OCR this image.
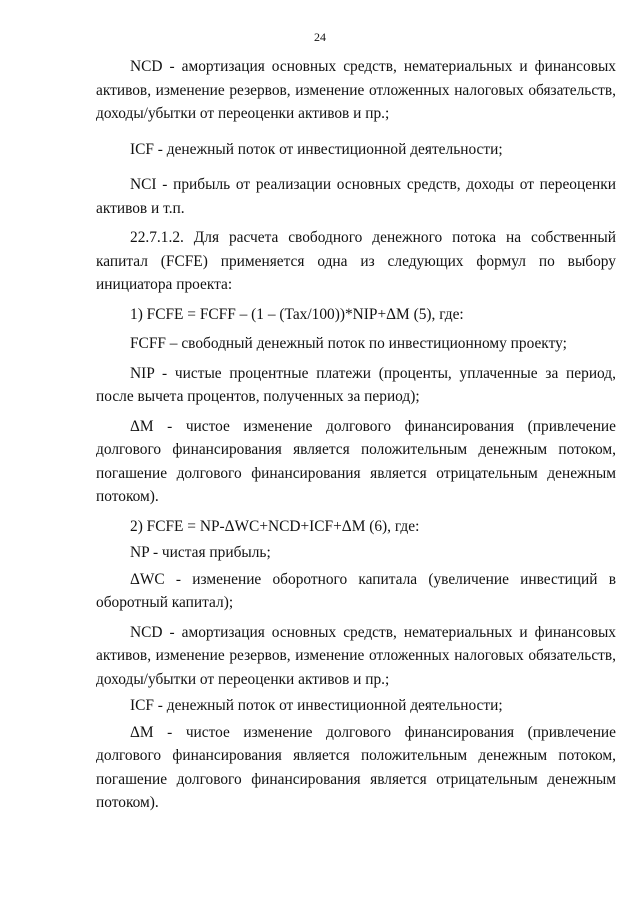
24

NCD - амортизация основных средств, нематериальных и финансовых активов, изменение резервов, изменение отложенных налоговых обязательств, доходы/убытки от переоценки активов и пр.;

ICF - денежный поток от инвестиционной деятельности;

NCI - прибыль от реализации основных средств, доходы от переоценки активов и т.п.

22.7.1.2. Для расчета свободного денежного потока на собственный капитал (FCFE) применяется одна из следующих формул по выбору инициатора проекта:

1) FCFE = FCFF – (1 – (Tax/100))*NIP+ΔM (5), где:

FCFF – свободный денежный поток по инвестиционному проекту;

NIP - чистые процентные платежи (проценты, уплаченные за период, после вычета процентов, полученных за период);

ΔM - чистое изменение долгового финансирования (привлечение долгового финансирования является положительным денежным потоком, погашение долгового финансирования является отрицательным денежным потоком).

2) FCFE = NP-ΔWC+NCD+ICF+ΔM (6), где:

NP - чистая прибыль;

ΔWC - изменение оборотного капитала (увеличение инвестиций в оборотный капитал);

NCD - амортизация основных средств, нематериальных и финансовых активов, изменение резервов, изменение отложенных налоговых обязательств, доходы/убытки от переоценки активов и пр.;

ICF - денежный поток от инвестиционной деятельности;

ΔM - чистое изменение долгового финансирования (привлечение долгового финансирования является положительным денежным потоком, погашение долгового финансирования является отрицательным денежным потоком).
